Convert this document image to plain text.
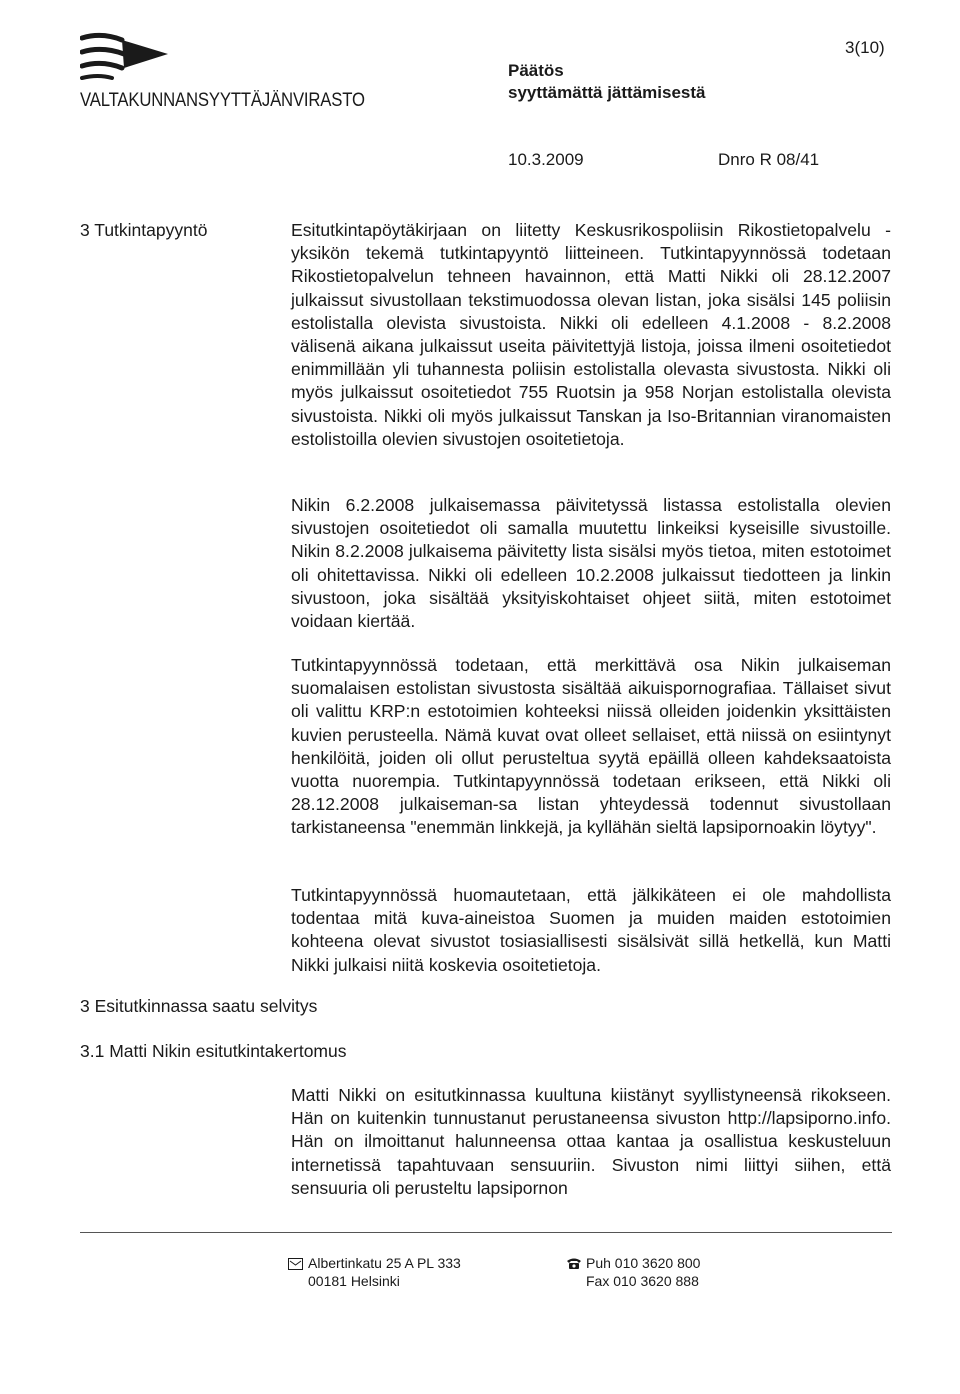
VALTAKUNNANSYYTTÄJÄNVIRASTO
3(10)
Päätös
syyttämättä jättämisestä
10.3.2009	Dnro R 08/41
3 Tutkintapyyntö
3 Esitutkinnassa saatu selvitys
3.1 Matti Nikin esitutkintakertomus

Esitutkintapöytäkirjaan on liitetty Keskusrikospoliisin Rikostietopalvelu -yksikön tekemä tutkintapyyntö liitteineen. Tutkintapyynnössä todetaan Rikostietopalvelun tehneen havainnon, että Matti Nikki oli 28.12.2007 julkaissut sivustollaan tekstimuodossa olevan listan, joka sisälsi 145 poliisin estolistalla olevista sivustoista. Nikki oli edelleen 4.1.2008 - 8.2.2008 välisenä aikana julkaissut useita päivitettyjä listoja, joissa ilmeni osoitetiedot enimmillään yli tuhannesta poliisin estolistalla olevasta sivustosta. Nikki oli myös julkaissut osoitetiedot 755 Ruotsin ja 958 Norjan estolistalla olevista sivustoista. Nikki oli myös julkaissut Tanskan ja Iso-Britannian viranomaisten estolistoilla olevien sivustojen osoitetietoja.

Nikin 6.2.2008 julkaisemassa päivitetyssä listassa estolistalla olevien sivustojen osoitetiedot oli samalla muutettu linkeiksi kyseisille sivustoille. Nikin 8.2.2008 julkaisema päivitetty lista sisälsi myös tietoa, miten estotoimet oli ohitettavissa. Nikki oli edelleen 10.2.2008 julkaissut tiedotteen ja linkin sivustoon, joka sisältää yksityiskohtaiset ohjeet siitä, miten estotoimet voidaan kiertää.

Tutkintapyynnössä todetaan, että merkittävä osa Nikin julkaiseman suomalaisen estolistan sivustosta sisältää aikuispornografiaa. Tällaiset sivut oli valittu KRP:n estotoimien kohteeksi niissä olleiden joidenkin yksittäisten kuvien perusteella. Nämä kuvat ovat olleet sellaiset, että niissä on esiintynyt henkilöitä, joiden oli ollut perusteltua syytä epäillä olleen kahdeksaatoista vuotta nuorempia. Tutkintapyynnössä todetaan erikseen, että Nikki oli 28.12.2008 julkaiseman-sa listan yhteydessä todennut sivustollaan tarkistaneensa "enemmän linkkejä, ja kyllähän sieltä lapsipornoakin löytyy".

Tutkintapyynnössä huomautetaan, että jälkikäteen ei ole mahdollista todentaa mitä kuva-aineistoa Suomen ja muiden maiden estotoimien kohteena olevat sivustot tosiasiallisesti sisälsivät sillä hetkellä, kun Matti Nikki julkaisi niitä koskevia osoitetietoja.

Matti Nikki on esitutkinnassa kuultuna kiistänyt syyllistyneensä rikokseen. Hän on kuitenkin tunnustanut perustaneensa sivuston http://lapsiporno.info. Hän on ilmoittanut halunneensa ottaa kantaa ja osallistua keskusteluun internetissä tapahtuvaan sensuuriin. Sivuston nimi liittyi siihen, että sensuuria oli perusteltu lapsipornon

Albertinkatu 25 A PL 333
00181 Helsinki
Puh 010 3620 800
Fax 010 3620 888
